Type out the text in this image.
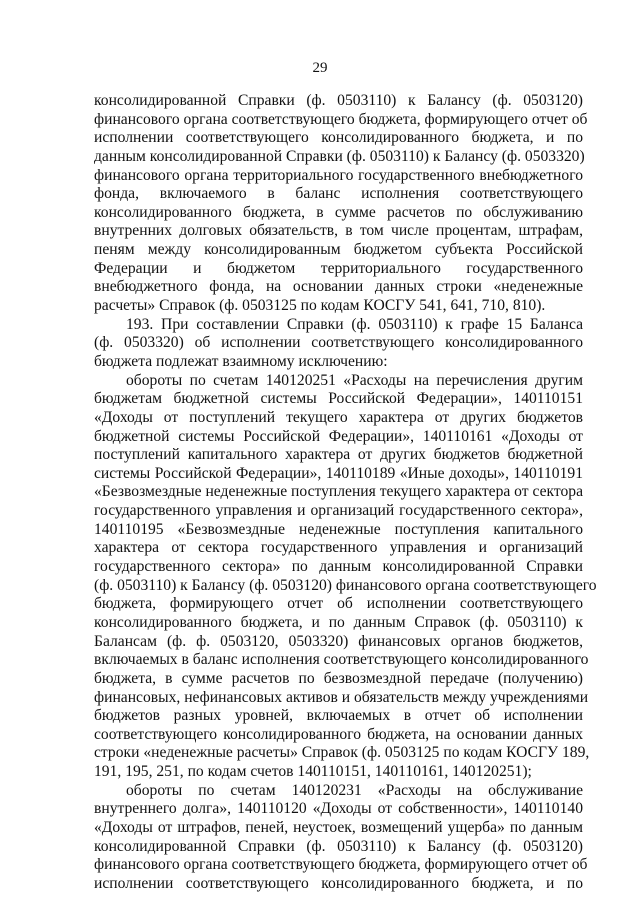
29
консолидированной Справки (ф. 0503110) к Балансу (ф. 0503120)
финансового органа соответствующего бюджета, формирующего отчет об
исполнении соответствующего консолидированного бюджета, и по
данным консолидированной Справки (ф. 0503110) к Балансу (ф. 0503320)
финансового органа территориального государственного внебюджетного
фонда, включаемого в баланс исполнения соответствующего
консолидированного бюджета, в сумме расчетов по обслуживанию
внутренних долговых обязательств, в том числе процентам, штрафам,
пеням между консолидированным бюджетом субъекта Российской
Федерации и бюджетом территориального государственного
внебюджетного фонда, на основании данных строки «неденежные
расчеты» Справок (ф. 0503125 по кодам КОСГУ 541, 641, 710, 810).
193. При составлении Справки (ф. 0503110) к графе 15 Баланса
(ф. 0503320) об исполнении соответствующего консолидированного
бюджета подлежат взаимному исключению:
обороты по счетам 140120251 «Расходы на перечисления другим
бюджетам бюджетной системы Российской Федерации», 140110151
«Доходы от поступлений текущего характера от других бюджетов
бюджетной системы Российской Федерации», 140110161 «Доходы от
поступлений капитального характера от других бюджетов бюджетной
системы Российской Федерации», 140110189 «Иные доходы», 140110191
«Безвозмездные неденежные поступления текущего характера от сектора
государственного управления и организаций государственного сектора»,
140110195 «Безвозмездные неденежные поступления капитального
характера от сектора государственного управления и организаций
государственного сектора» по данным консолидированной Справки
(ф. 0503110) к Балансу (ф. 0503120) финансового органа соответствующего
бюджета, формирующего отчет об исполнении соответствующего
консолидированного бюджета, и по данным Справок (ф. 0503110) к
Балансам (ф. ф. 0503120, 0503320) финансовых органов бюджетов,
включаемых в баланс исполнения соответствующего консолидированного
бюджета, в сумме расчетов по безвозмездной передаче (получению)
финансовых, нефинансовых активов и обязательств между учреждениями
бюджетов разных уровней, включаемых в отчет об исполнении
соответствующего консолидированного бюджета, на основании данных
строки «неденежные расчеты» Справок (ф. 0503125 по кодам КОСГУ 189,
191, 195, 251, по кодам счетов 140110151, 140110161, 140120251);
обороты по счетам 140120231 «Расходы на обслуживание
внутреннего долга», 140110120 «Доходы от собственности», 140110140
«Доходы от штрафов, пеней, неустоек, возмещений ущерба» по данным
консолидированной Справки (ф. 0503110) к Балансу (ф. 0503120)
финансового органа соответствующего бюджета, формирующего отчет об
исполнении соответствующего консолидированного бюджета, и по
